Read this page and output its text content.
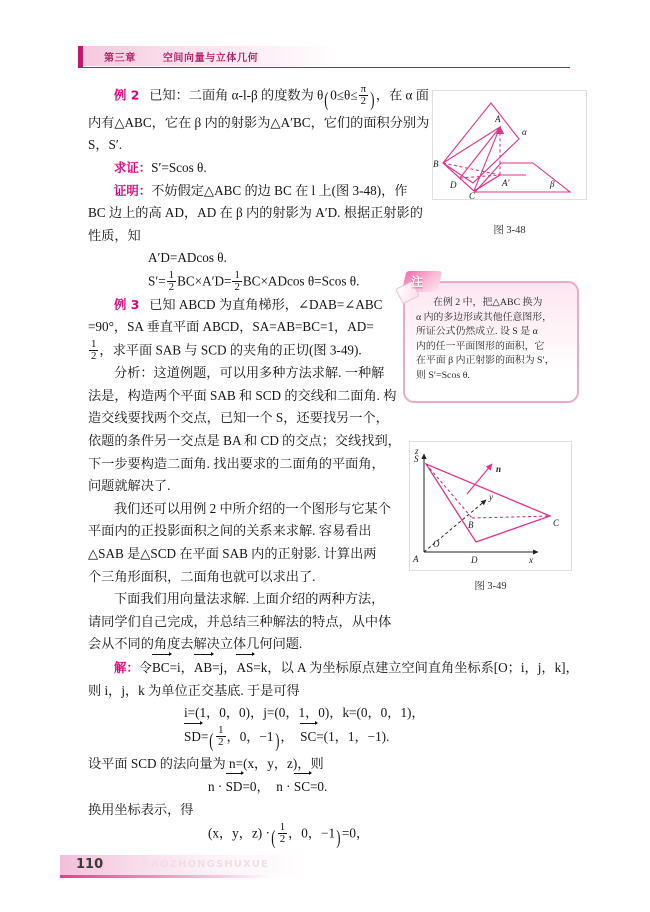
第三章	空间向量与立体几何
例 2 已知：二面角 α-l-β 的度数为 $\theta(0\le\theta\le \frac{\pi}{2}$ )，在 α 面
内有△ABC，它在 β 内的射影为△A′BC，它们的面积分别为
S，S′.
求证：S′=Scos θ.
证明：不妨假定△ABC 的边 BC 在 l 上(图 3-48)，作
BC 边上的高 AD，AD 在 β 内的射影为 A′D. 根据正射影的
性质，知
A′D=ADcos θ.
$S'= \frac{1}{2} BC\times A'D= \frac{1}{2} BC\times ADcos$ θ=Scos θ.
例 3 已知 ABCD 为直角梯形，∠DAB=∠ABC
=90°，SA 垂直平面 ABCD，SA=AB=BC=1，AD=
$\frac{1}{2}$ ，求平面 SAB 与 SCD 的夹角的正切(图 3-49).
分析：这道例题，可以用多种方法求解. 一种解
法是，构造两个平面 SAB 和 SCD 的交线和二面角. 构
造交线要找两个交点，已知一个 S，还要找另一个，
依题的条件另一交点是 BA 和 CD 的交点；交线找到，
下一步要构造二面角. 找出要求的二面角的平面角，
问题就解决了.
我们还可以用例 2 中所介绍的一个图形与它某个
平面内的正投影面积之间的关系来求解. 容易看出
△SAB 是△SCD 在平面 SAB 内的正射影. 计算出两
个三角形面积，二面角也就可以求出了.
下面我们用向量法求解. 上面介绍的两种方法，
请同学们自己完成，并总结三种解法的特点，从中体
会从不同的角度去解决立体几何问题.
解：令BC=i，AB=j，AS=k，以 A 为坐标原点建立空间直角坐标系[O；i，j，k]，
则 i，j，k 为单位正交基底. 于是可得
i=(1，0，0)，j=(0，1，0)，k=(0，0，1)，
$SD=( \frac{1}{2}$ ，0，−1)， SC=(1，1，−1).
设平面 SCD 的法向量为 n=(x，y，z)，则
n · SD=0， n · SC=0.
换用坐标表示，得
(x，y，z) ·( $\frac{1}{2}$ ，0，−1)=0，
A
B
C
D	A′
α
β
图 3-48
注
在例 2 中，把△ABC 换为
α 内的多边形或其他任意图形，
所证公式仍然成立. 设 S 是 α
内的任一平面图形的面积，它
在平面 β 内正射影的面积为 S′，
则 S′=Scos θ.
S
A
B	C
D
O
x
y
z
n
图 3-49
110	GAOZHONGSHUXUE
